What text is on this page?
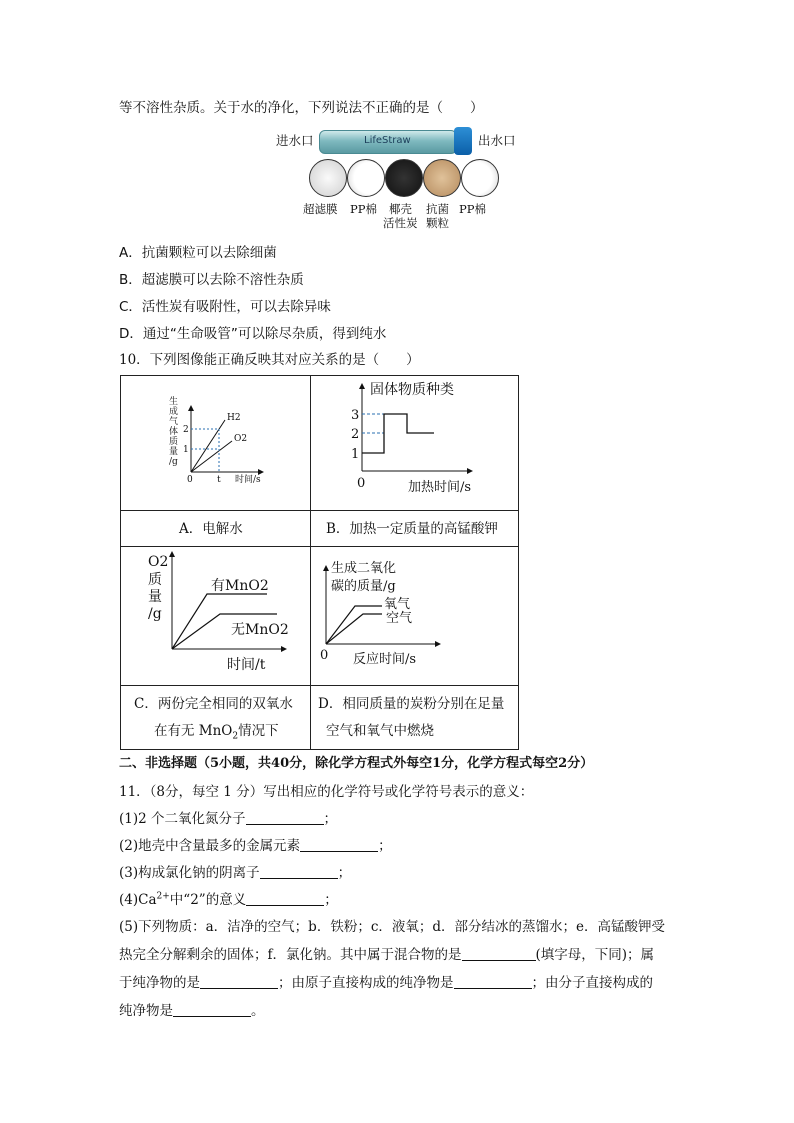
等不溶性杂质。关于水的净化，下列说法不正确的是（　　）
进水口	LifeStraw	出水口
超滤膜 PP棉 椰壳
活性炭
抗菌
颗粒
PP棉
A．抗菌颗粒可以去除细菌
B．超滤膜可以去除不溶性杂质
C．活性炭有吸附性，可以去除异味
D．通过“生命吸管”可以除尽杂质，得到纯水
10．下列图像能正确反映其对应关系的是（　　）
生
成
气
体
质
量
/g
2
1
0	t 时间/s
H2
O2
固体物质种类
3
2
1
0	加热时间/s
A．电解水	B．加热一定质量的高锰酸钾
O2
质
量
/g
有MnO2
无MnO2
时间/t
生成二氧化
碳的质量/g
氧气
空气
0 反应时间/s
C．两份完全相同的双氧水
在有无 MnO$_2$情况下
D．相同质量的炭粉分别在足量
空气和氧气中燃烧
二、非选择题（5小题，共40分，除化学方程式外每空1分，化学方程式每空2分）
11．（8分，每空 1 分）写出相应的化学符号或化学符号表示的意义：
(1)2 个二氧化氮分子	；
(2)地壳中含量最多的金属元素	；
(3)构成氯化钠的阴离子	；
$(4)Ca^{2+}$中“2”的意义	；
(5)下列物质：a．洁净的空气；b．铁粉；c．液氧；d．部分结冰的蒸馏水；e．高锰酸钾受
热完全分解剩余的固体；f．氯化钠。其中属于混合物的是	(填字母，下同)；属
于纯净物的是	；由原子直接构成的纯净物是	；由分子直接构成的
纯净物是	。
